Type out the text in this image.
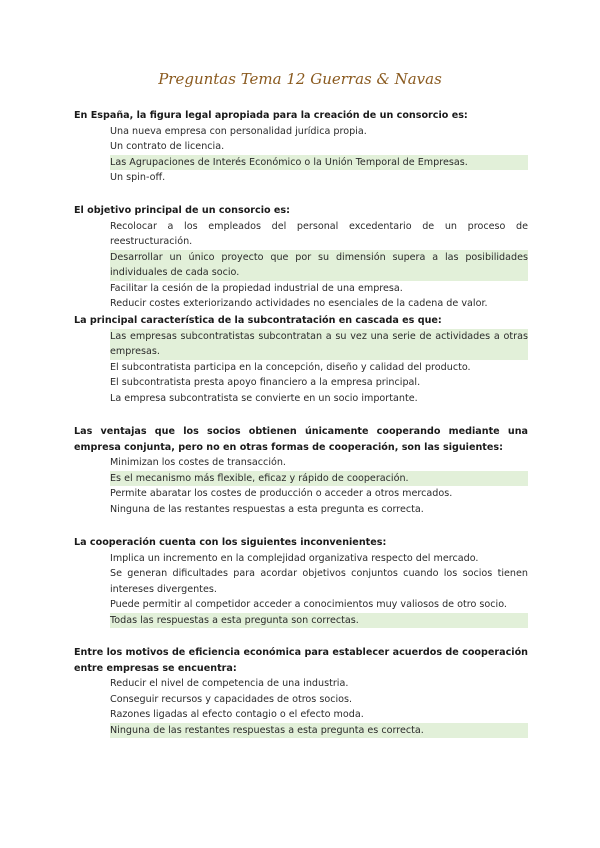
Preguntas Tema 12 Guerras & Navas

En España, la figura legal apropiada para la creación de un consorcio es:

Una nueva empresa con personalidad jurídica propia.
Un contrato de licencia.
Las Agrupaciones de Interés Económico o la Unión Temporal de Empresas.
Un spin-off.

El objetivo principal de un consorcio es:

Recolocar a los empleados del personal excedentario de un proceso de reestructuración.
Desarrollar un único proyecto que por su dimensión supera a las posibilidades individuales de cada socio.
Facilitar la cesión de la propiedad industrial de una empresa.
Reducir costes exteriorizando actividades no esenciales de la cadena de valor.

La principal característica de la subcontratación en cascada es que:

Las empresas subcontratistas subcontratan a su vez una serie de actividades a otras empresas.
El subcontratista participa en la concepción, diseño y calidad del producto.
El subcontratista presta apoyo financiero a la empresa principal.
La empresa subcontratista se convierte en un socio importante.

Las ventajas que los socios obtienen únicamente cooperando mediante una empresa conjunta, pero no en otras formas de cooperación, son las siguientes:

Minimizan los costes de transacción.
Es el mecanismo más flexible, eficaz y rápido de cooperación.
Permite abaratar los costes de producción o acceder a otros mercados.
Ninguna de las restantes respuestas a esta pregunta es correcta.

La cooperación cuenta con los siguientes inconvenientes:

Implica un incremento en la complejidad organizativa respecto del mercado.
Se generan dificultades para acordar objetivos conjuntos cuando los socios tienen intereses divergentes.
Puede permitir al competidor acceder a conocimientos muy valiosos de otro socio.
Todas las respuestas a esta pregunta son correctas.

Entre los motivos de eficiencia económica para establecer acuerdos de cooperación entre empresas se encuentra:

Reducir el nivel de competencia de una industria.
Conseguir recursos y capacidades de otros socios.
Razones ligadas al efecto contagio o el efecto moda.
Ninguna de las restantes respuestas a esta pregunta es correcta.
